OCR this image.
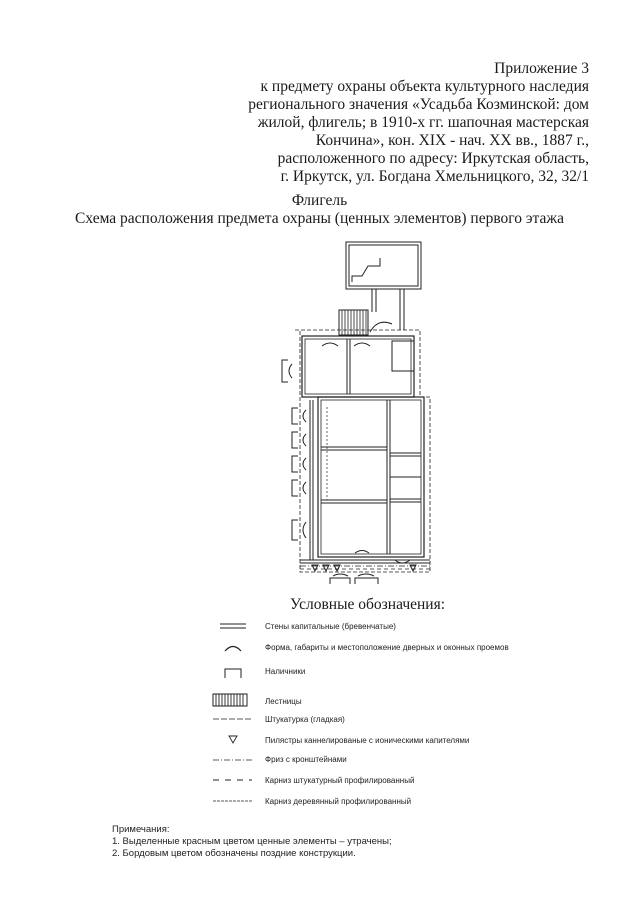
Приложение 3
к предмету охраны объекта культурного наследия
регионального значения «Усадьба Козминской: дом
жилой, флигель; в 1910-х гг. шапочная мастерская
Кончина», кон. XIX - нач. XX вв., 1887 г.,
расположенного по адресу: Иркутская область,
г. Иркутск, ул. Богдана Хмельницкого, 32, 32/1
Флигель
Схема расположения предмета охраны (ценных элементов) первого этажа
Условные обозначения:
Стены капитальные (бревенчатые)
Форма, габариты и местоположение дверных и оконных проемов
Наличники
Лестницы
Штукатурка (гладкая)
Пилястры каннелированые с ионическими капителями
Фриз с кронштейнами
Карниз штукатурный профилированный
Карниз деревянный профилированный
Примечания:
1. Выделенные красным цветом ценные элементы – утрачены;
2. Бордовым цветом обозначены поздние конструкции.
